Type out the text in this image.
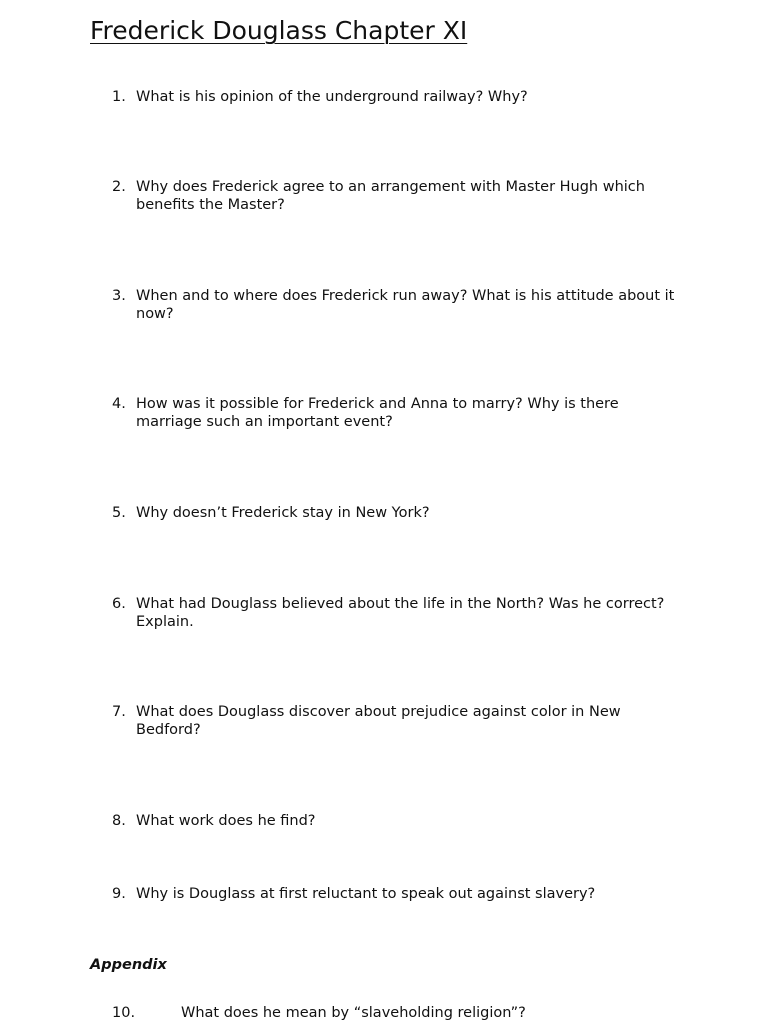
Frederick Douglass Chapter XI
1. What is his opinion of the underground railway? Why?
2. Why does Frederick agree to an arrangement with Master Hugh which benefits the Master?
3. When and to where does Frederick run away? What is his attitude about it now?
4. How was it possible for Frederick and Anna to marry? Why is there marriage such an important event?
5. Why doesn’t Frederick stay in New York?
6. What had Douglass believed about the life in the North? Was he correct? Explain.
7. What does Douglass discover about prejudice against color in New Bedford?
8. What work does he find?
9. Why is Douglass at first reluctant to speak out against slavery?
Appendix
10.	What does he mean by “slaveholding religion”?
